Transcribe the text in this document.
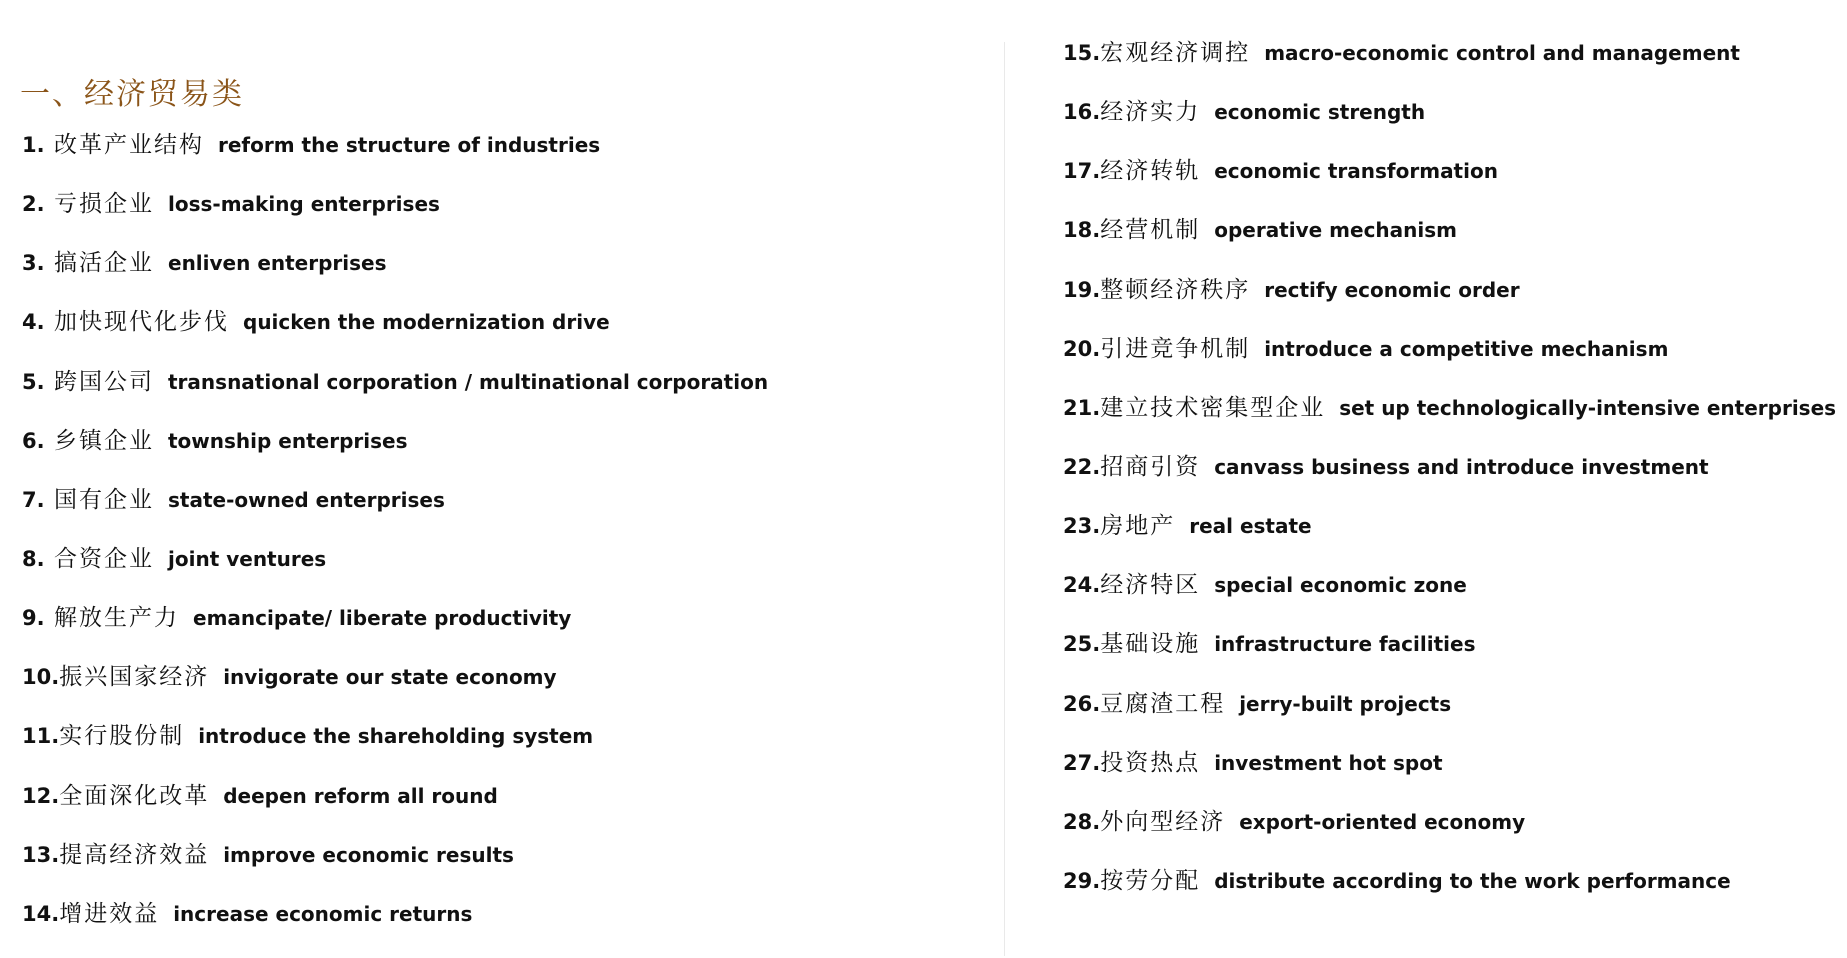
一、经济贸易类
1. 改革产业结构 reform the structure of industries
2. 亏损企业 loss-making enterprises
3. 搞活企业 enliven enterprises
4. 加快现代化步伐 quicken the modernization drive
5. 跨国公司 transnational corporation / multinational corporation
6. 乡镇企业 township enterprises
7. 国有企业 state-owned enterprises
8. 合资企业 joint ventures
9. 解放生产力 emancipate/ liberate productivity
10. 振兴国家经济 invigorate our state economy
11. 实行股份制 introduce the shareholding system
12. 全面深化改革 deepen reform all round
13. 提高经济效益 improve economic results
14. 增进效益 increase economic returns
15. 宏观经济调控 macro-economic control and management
16. 经济实力 economic strength
17. 经济转轨 economic transformation
18. 经营机制 operative mechanism
19. 整顿经济秩序 rectify economic order
20. 引进竞争机制 introduce a competitive mechanism
21. 建立技术密集型企业 set up technologically-intensive enterprises
22. 招商引资 canvass business and introduce investment
23. 房地产 real estate
24. 经济特区 special economic zone
25. 基础设施 infrastructure facilities
26. 豆腐渣工程 jerry-built projects
27. 投资热点 investment hot spot
28. 外向型经济 export-oriented economy
29. 按劳分配 distribute according to the work performance
